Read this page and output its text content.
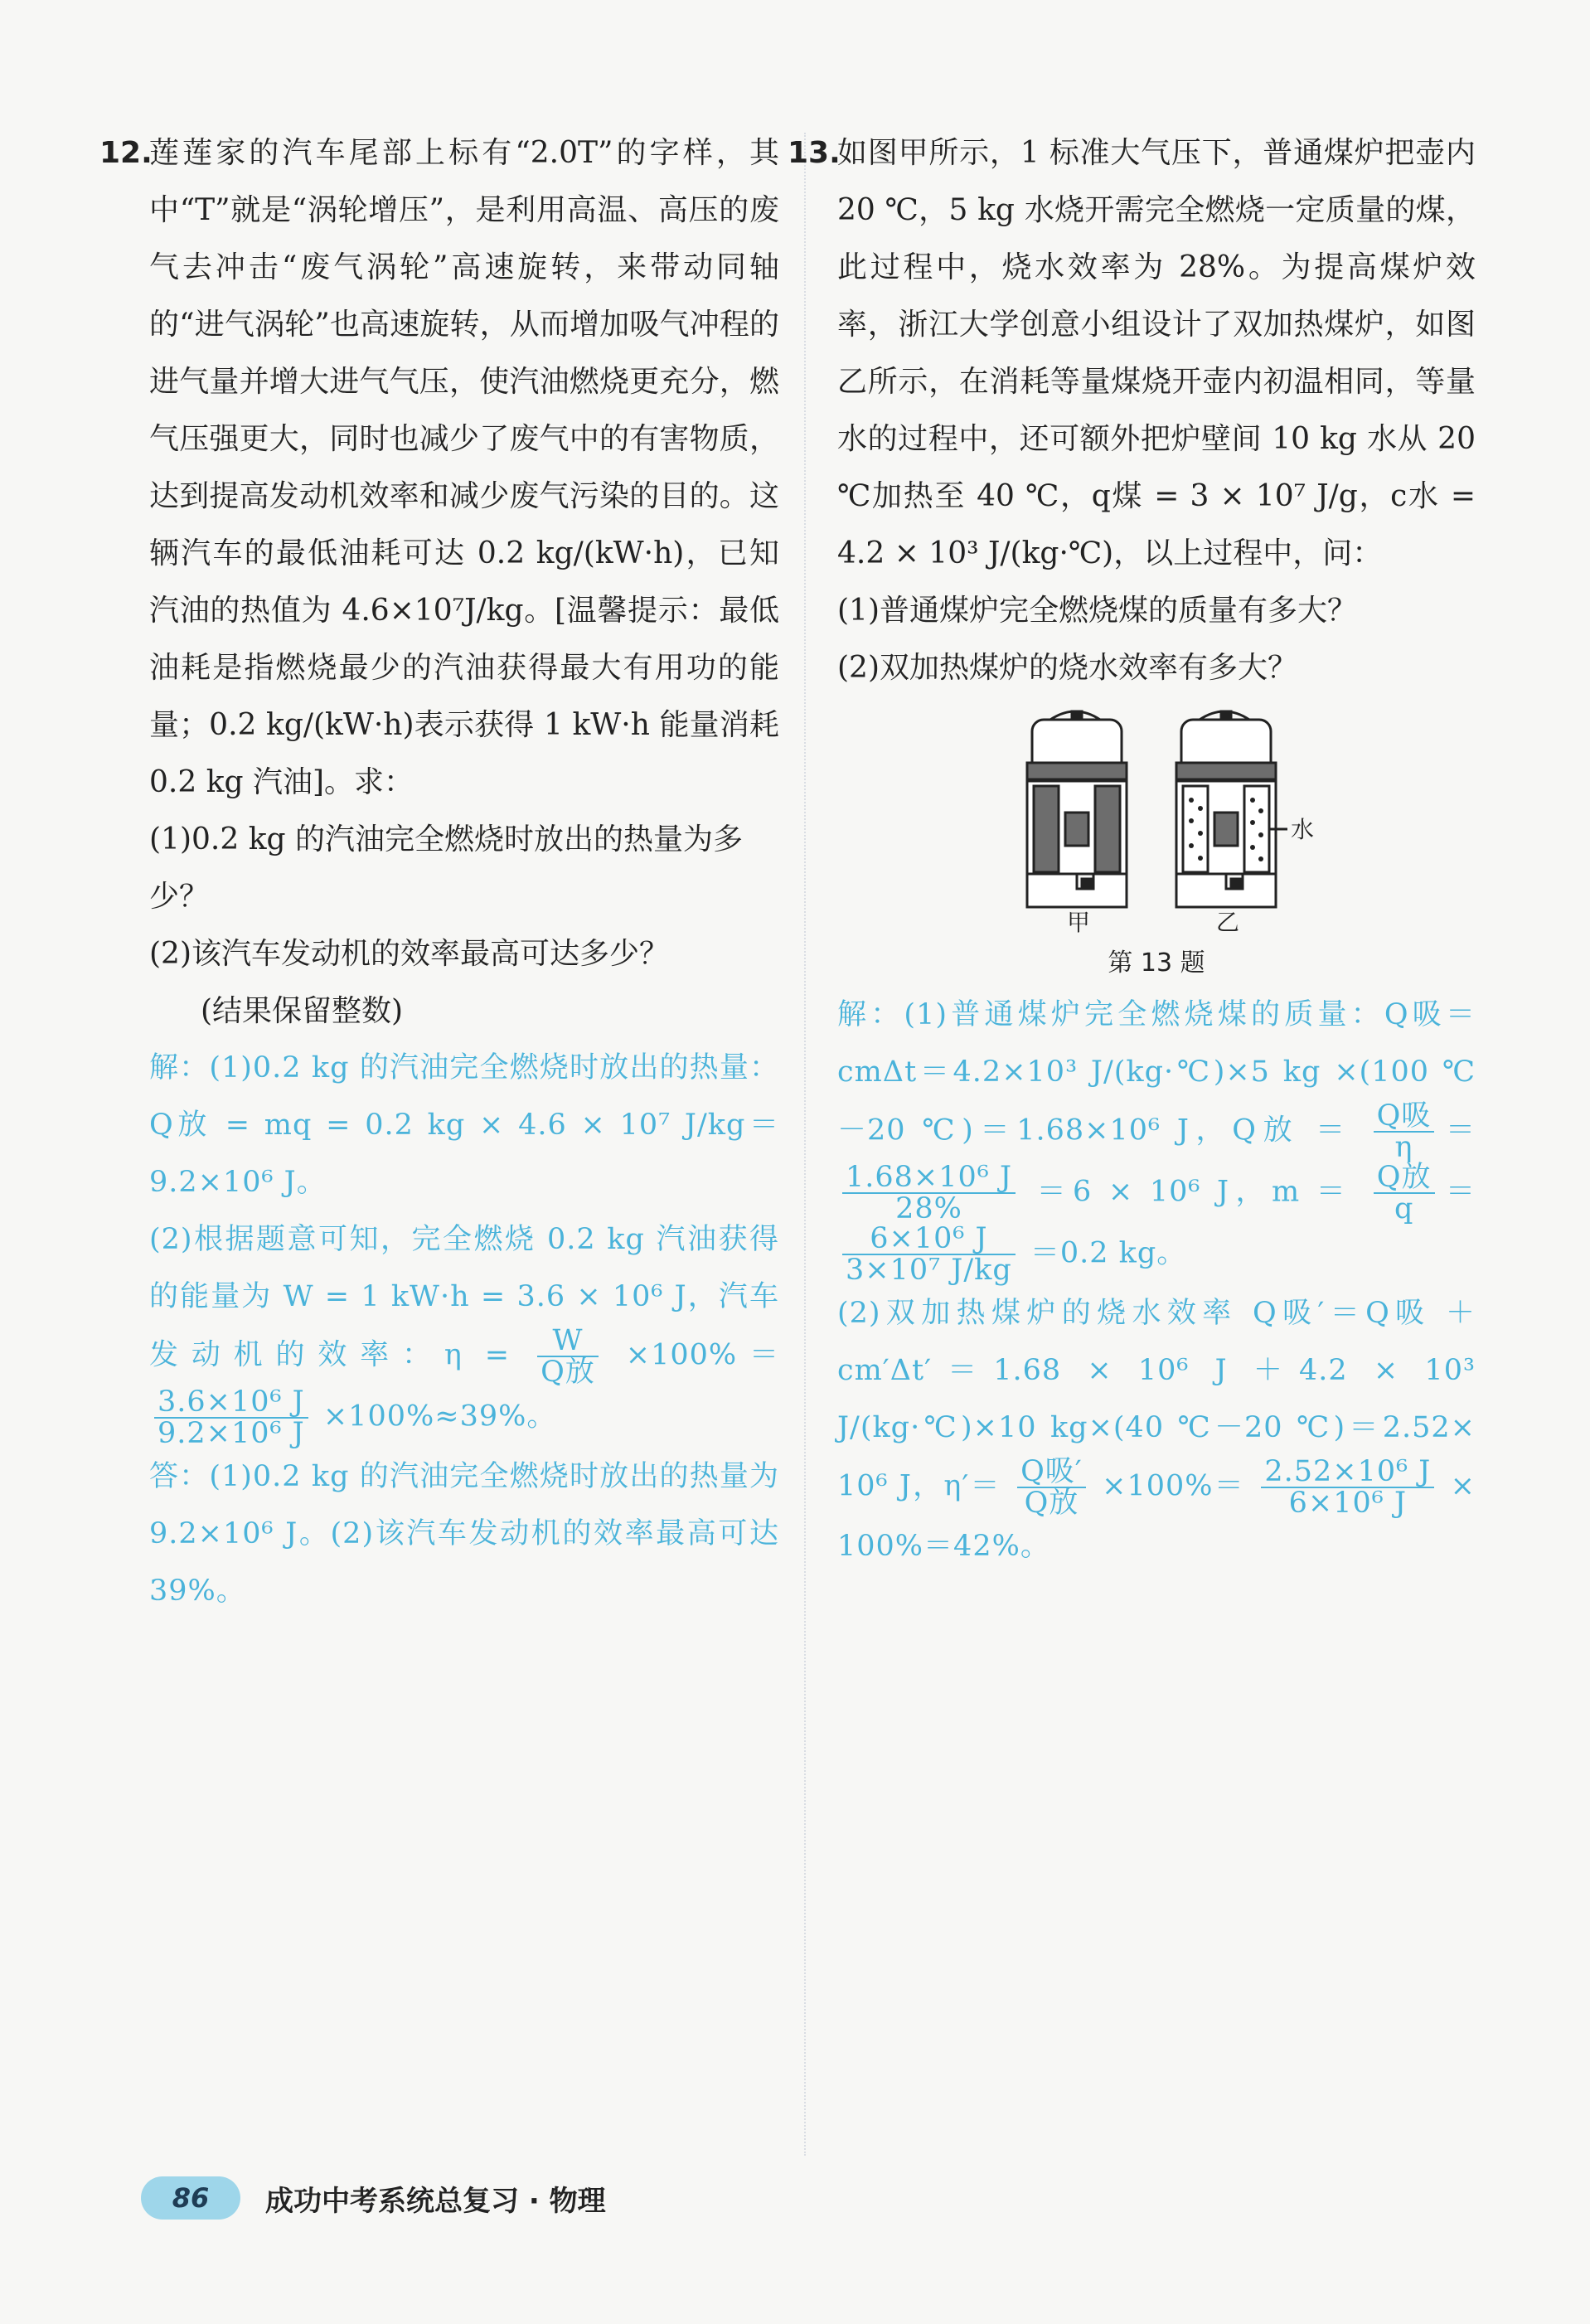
12.
莲莲家的汽车尾部上标有“2.0T”的字样，其中“T”就是“涡轮增压”，是利用高温、高压的废气去冲击“废气涡轮”高速旋转，来带动同轴的“进气涡轮”也高速旋转，从而增加吸气冲程的进气量并增大进气气压，使汽油燃烧更充分，燃气压强更大，同时也减少了废气中的有害物质，达到提高发动机效率和减少废气污染的目的。这辆汽车的最低油耗可达 0.2 kg/(kW·h)，已知汽油的热值为 4.6×10⁷J/kg。[温馨提示：最低油耗是指燃烧最少的汽油获得最大有用功的能量；0.2 kg/(kW·h)表示获得 1 kW·h 能量消耗 0.2 kg 汽油]。求：
(1)0.2 kg 的汽油完全燃烧时放出的热量为多少？
(2)该汽车发动机的效率最高可达多少？
(结果保留整数)
解：(1)0.2 kg 的汽油完全燃烧时放出的热量：Q放 = mq = 0.2 kg × 4.6 × 10⁷ J/kg＝9.2×10⁶ J。
(2)根据题意可知，完全燃烧 0.2 kg 汽油获得的能量为 W = 1 kW·h = 3.6 × 10⁶ J，汽车发动机的效率：$\eta = \frac{W}{\text{Q放}} \times 100\%=$
$\frac{\text{3.6×10⁶ J}}{\text{9.2×10⁶ J}} \times 100\%\approx 39\%$。
答：(1)0.2 kg 的汽油完全燃烧时放出的热量为 9.2×10⁶ J。(2)该汽车发动机的效率最高可达 39%。
13.
如图甲所示，1 标准大气压下，普通煤炉把壶内 20 ℃，5 kg 水烧开需完全燃烧一定质量的煤，此过程中，烧水效率为 28%。为提高煤炉效率，浙江大学创意小组设计了双加热煤炉，如图乙所示，在消耗等量煤烧开壶内初温相同，等量水的过程中，还可额外把炉壁间 10 kg 水从 20 ℃加热至 40 ℃，q煤 = 3 × 10⁷ J/g，c水 = 4.2 × 10³ J/(kg·℃)，以上过程中，问：
(1)普通煤炉完全燃烧煤的质量有多大？
(2)双加热煤炉的烧水效率有多大？
水
甲	乙
第 13 题
解：(1)普通煤炉完全燃烧煤的质量：Q吸＝cmΔt＝4.2×10³ J/(kg·℃)×5 kg ×(100 ℃－20 ℃)＝1.68×10⁶ J，Q放 ＝ $\frac{\text{Q吸}}{\eta}$ ＝
$\frac{\text{1.68×10⁶ J}}{28\%} =6 \times 10^6$ J，$m = \frac{\text{Q放}}{q}$ ＝
$\frac{\text{6×10⁶ J}}{\text{3×10⁷ J/kg}} =0.2$ kg。
(2)双加热煤炉的烧水效率 Q吸′＝Q吸 ＋ cm′Δt′＝1.68 × 10⁶ J ＋4.2 × 10³ J/(kg·℃)×10 kg×(40 ℃－20 ℃)＝2.52× 10⁶ J，$\eta'= \frac{\text{Q吸′}}{\text{Q放}} \times 100\%= \frac{\text{2.52×10⁶ J}}{\text{6×10⁶ J}} \times 100\%=42\%$。
86	成功中考系统总复习 · 物理
